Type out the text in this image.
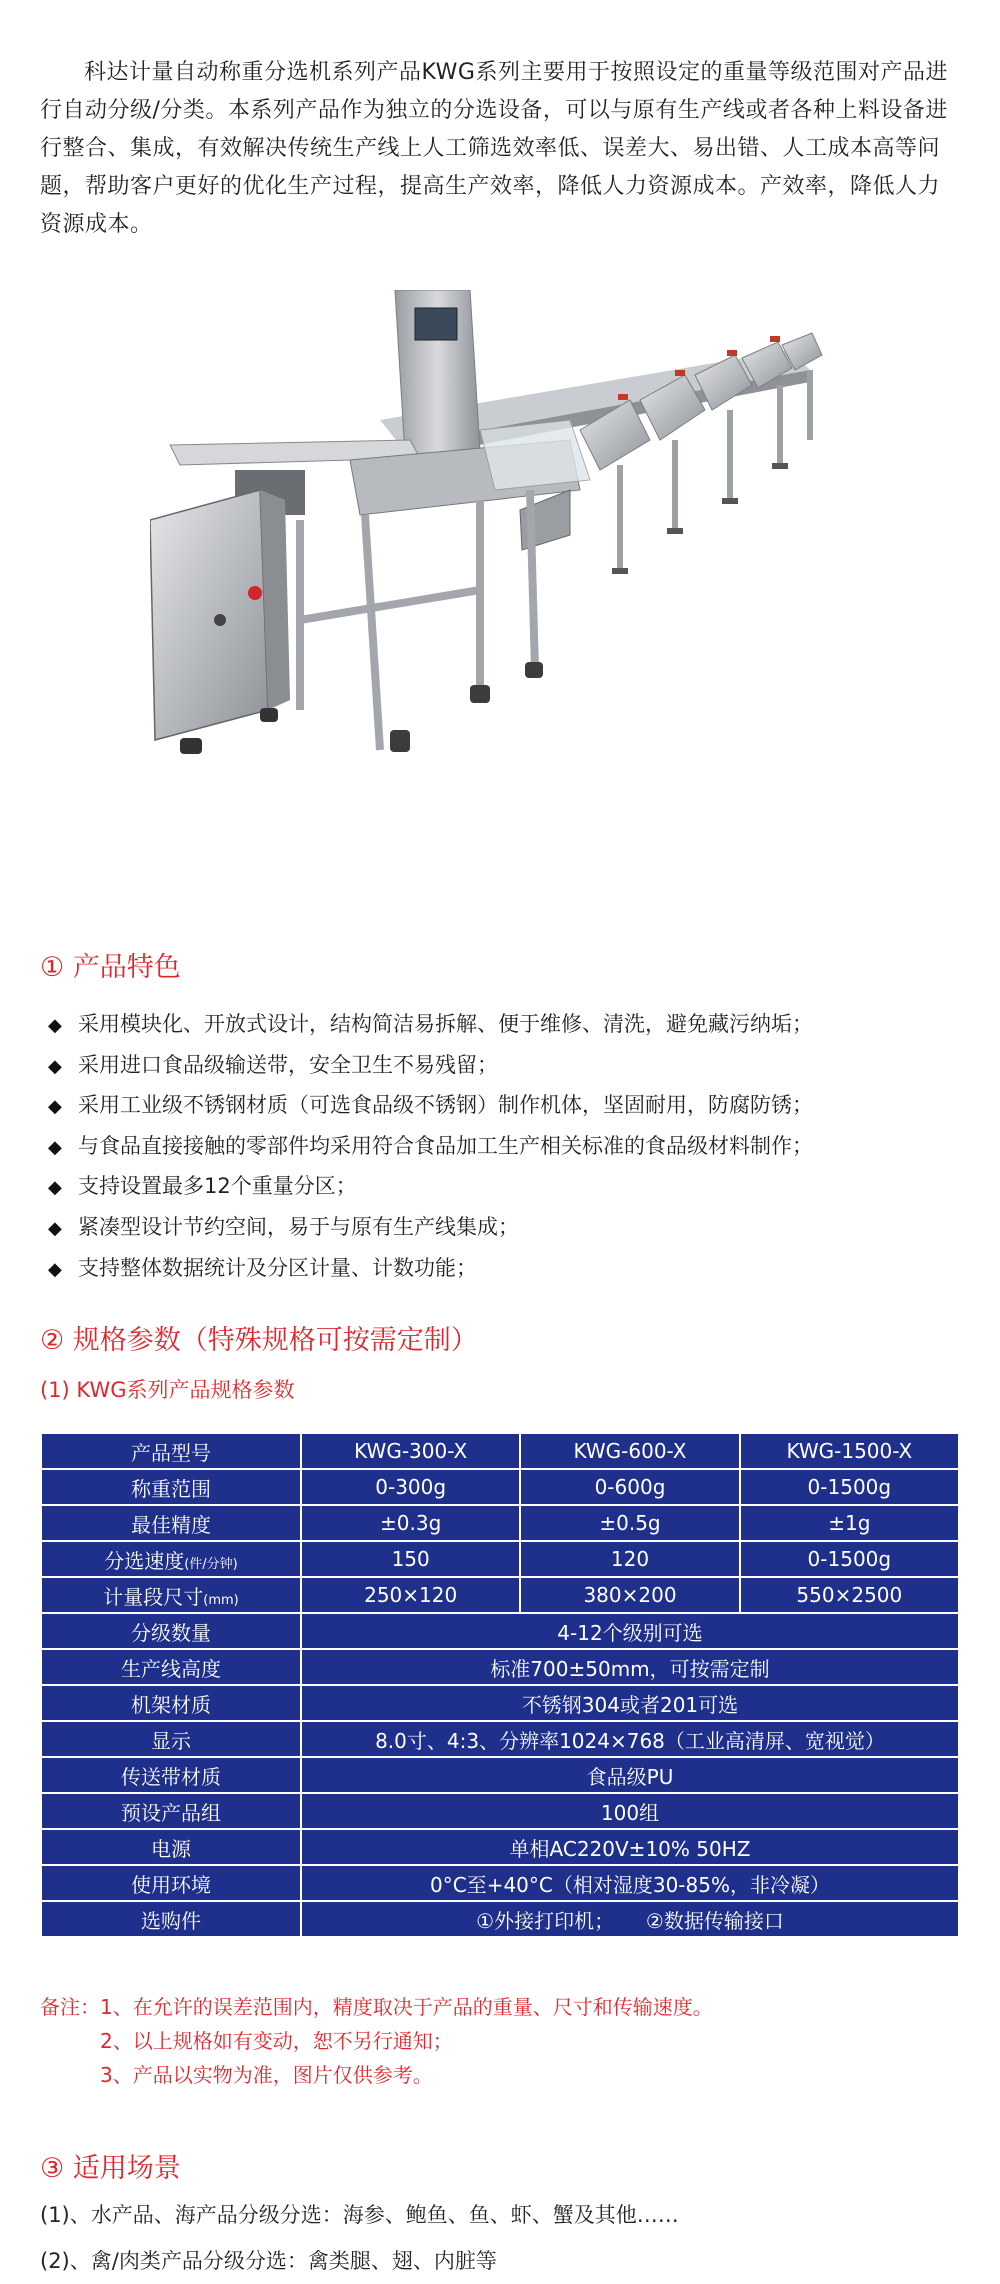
科达计量自动称重分选机系列产品KWG系列主要用于按照设定的重量等级范围对产品进行自动分级/分类。本系列产品作为独立的分选设备，可以与原有生产线或者各种上料设备进行整合、集成，有效解决传统生产线上人工筛选效率低、误差大、易出错、人工成本高等问题，帮助客户更好的优化生产过程，提高生产效率，降低人力资源成本。产效率，降低人力资源成本。

① 产品特色
◆ 采用模块化、开放式设计，结构简洁易拆解、便于维修、清洗，避免藏污纳垢；
◆ 采用进口食品级输送带，安全卫生不易残留；
◆ 采用工业级不锈钢材质（可选食品级不锈钢）制作机体，坚固耐用，防腐防锈；
◆ 与食品直接接触的零部件均采用符合食品加工生产相关标准的食品级材料制作；
◆ 支持设置最多12个重量分区；
◆ 紧凑型设计节约空间，易于与原有生产线集成；
◆ 支持整体数据统计及分区计量、计数功能；
② 规格参数（特殊规格可按需定制）
(1) KWG系列产品规格参数
产品型号	KWG-300-X	KWG-600-X	KWG-1500-X
称重范围	0-300g	0-600g	0-1500g
最佳精度	±0.3g	±0.5g	±1g
分选速度(件/分钟)	150	120	0-1500g
计量段尺寸(mm)	250×120	380×200	550×2500
分级数量	4-12个级别可选		
生产线高度	标准700±50mm，可按需定制		
机架材质	不锈钢304或者201可选		
显示	8.0寸、4:3、分辨率1024×768（工业高清屏、宽视觉）		
传送带材质	食品级PU		
预设产品组	100组		
电源	单相AC220V±10% 50HZ		
使用环境	0°C至+40°C（相对湿度30-85%，非冷凝）		
选购件	①外接打印机；     ②数据传输接口		
备注：1、在允许的误差范围内，精度取决于产品的重量、尺寸和传输速度。
2、以上规格如有变动，恕不另行通知；
3、产品以实物为准，图片仅供参考。
③ 适用场景
(1)、水产品、海产品分级分选：海参、鲍鱼、鱼、虾、蟹及其他……
(2)、禽/肉类产品分级分选：禽类腿、翅、内脏等
